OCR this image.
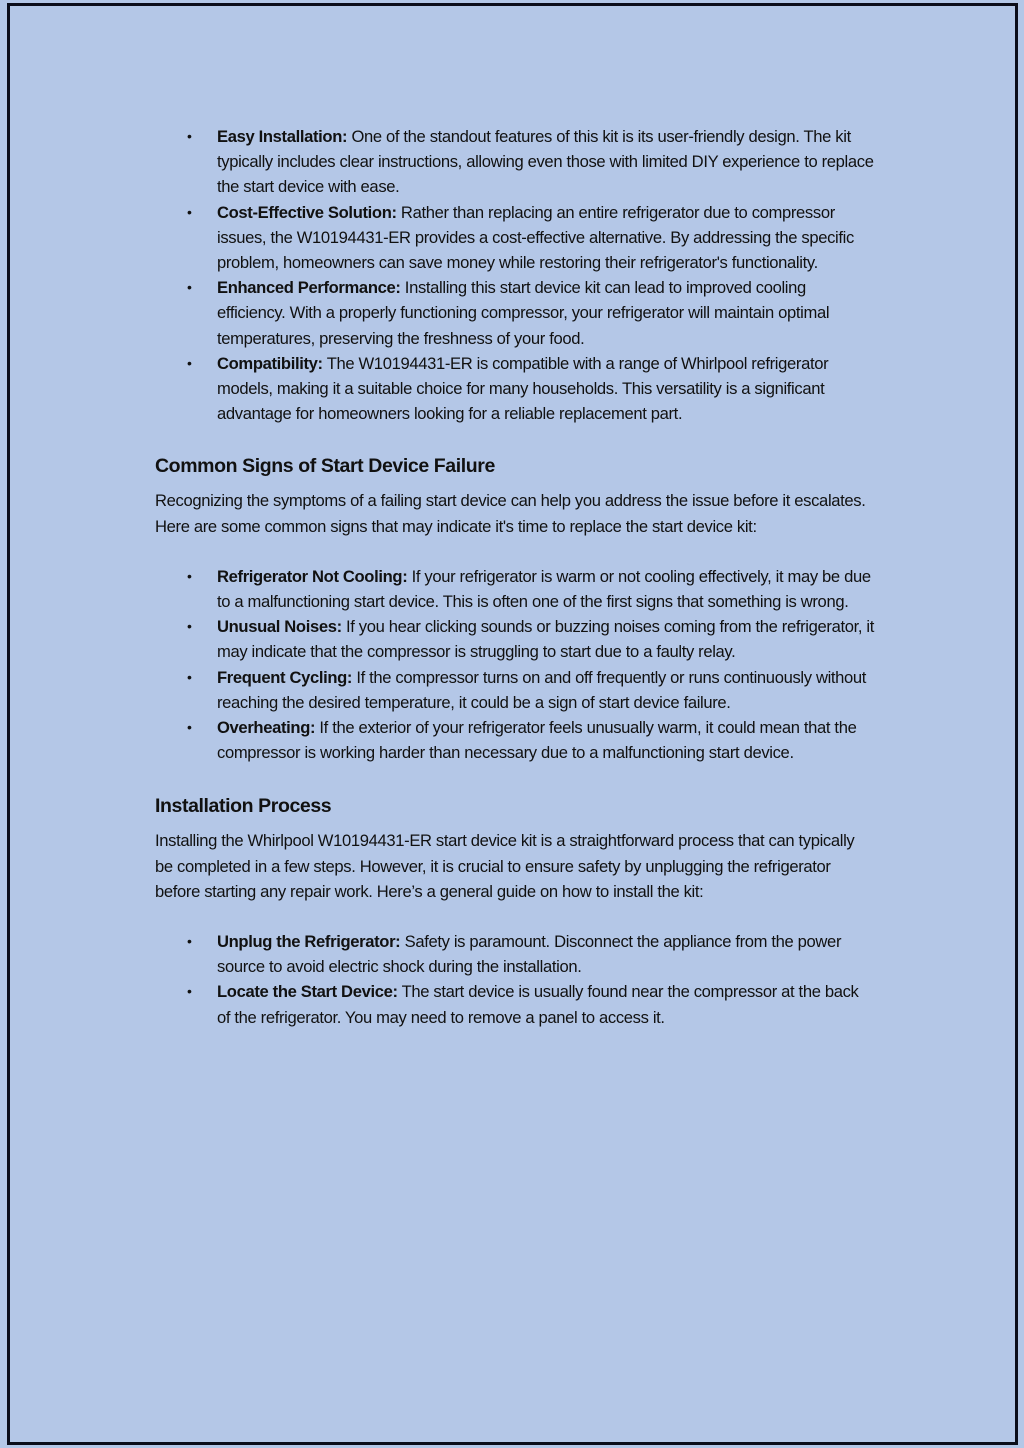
• Easy Installation: One of the standout features of this kit is its user-friendly design. The kit typically includes clear instructions, allowing even those with limited DIY experience to replace the start device with ease.
• Cost-Effective Solution: Rather than replacing an entire refrigerator due to compressor issues, the W10194431-ER provides a cost-effective alternative. By addressing the specific problem, homeowners can save money while restoring their refrigerator's functionality.
• Enhanced Performance: Installing this start device kit can lead to improved cooling efficiency. With a properly functioning compressor, your refrigerator will maintain optimal temperatures, preserving the freshness of your food.
• Compatibility: The W10194431-ER is compatible with a range of Whirlpool refrigerator models, making it a suitable choice for many households. This versatility is a significant advantage for homeowners looking for a reliable replacement part.
Common Signs of Start Device Failure

Recognizing the symptoms of a failing start device can help you address the issue before it escalates. Here are some common signs that may indicate it's time to replace the start device kit:

• Refrigerator Not Cooling: If your refrigerator is warm or not cooling effectively, it may be due to a malfunctioning start device. This is often one of the first signs that something is wrong.
• Unusual Noises: If you hear clicking sounds or buzzing noises coming from the refrigerator, it may indicate that the compressor is struggling to start due to a faulty relay.
• Frequent Cycling: If the compressor turns on and off frequently or runs continuously without reaching the desired temperature, it could be a sign of start device failure.
• Overheating: If the exterior of your refrigerator feels unusually warm, it could mean that the compressor is working harder than necessary due to a malfunctioning start device.
Installation Process

Installing the Whirlpool W10194431-ER start device kit is a straightforward process that can typically be completed in a few steps. However, it is crucial to ensure safety by unplugging the refrigerator before starting any repair work. Here’s a general guide on how to install the kit:

• Unplug the Refrigerator: Safety is paramount. Disconnect the appliance from the power source to avoid electric shock during the installation.
• Locate the Start Device: The start device is usually found near the compressor at the back of the refrigerator. You may need to remove a panel to access it.
